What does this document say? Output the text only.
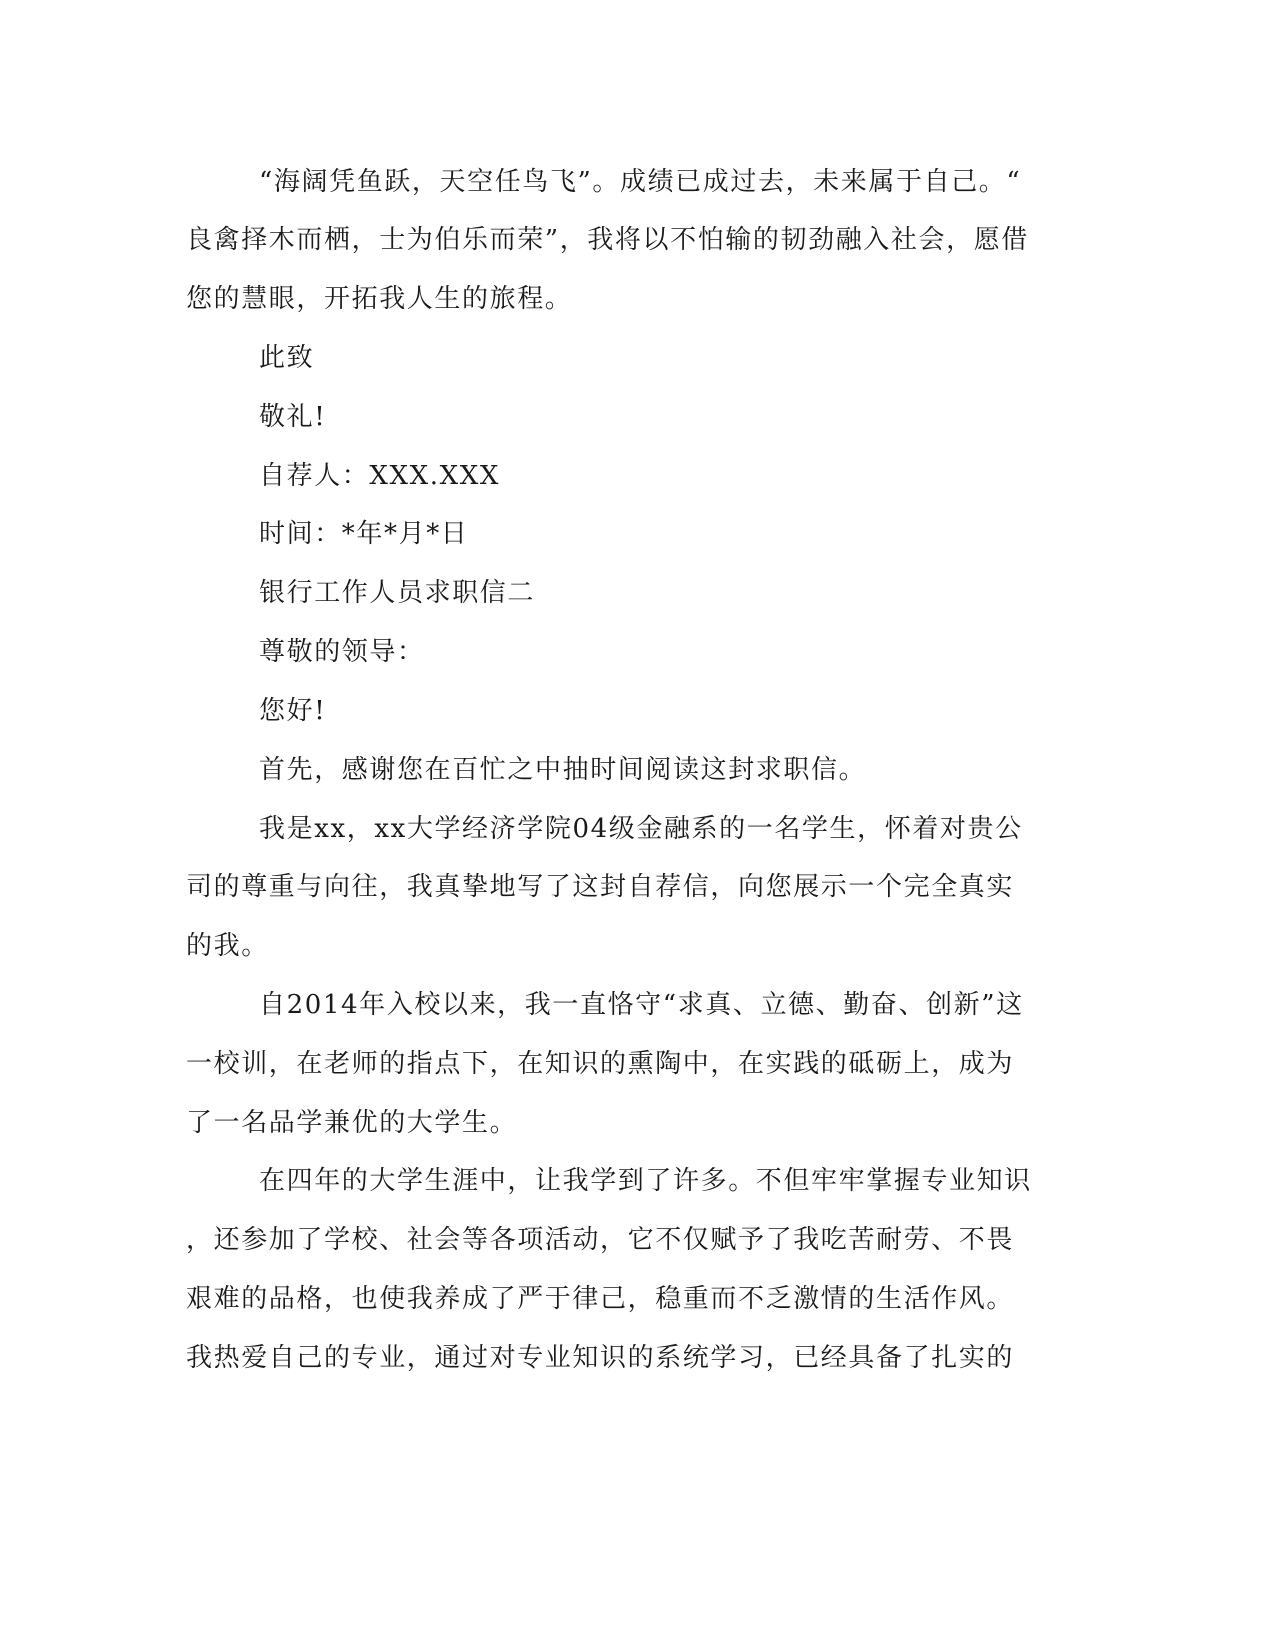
“海阔凭鱼跃，天空任鸟飞”。成绩已成过去，未来属于自己。“
良禽择木而栖，士为伯乐而荣”，我将以不怕输的韧劲融入社会，愿借
您的慧眼，开拓我人生的旅程。
此致
敬礼!
自荐人：XXX.XXX
时间：*年*月*日
银行工作人员求职信二
尊敬的领导：
您好!
首先，感谢您在百忙之中抽时间阅读这封求职信。
我是xx，xx大学经济学院04级金融系的一名学生，怀着对贵公
司的尊重与向往，我真挚地写了这封自荐信，向您展示一个完全真实
的我。
自2014年入校以来，我一直恪守“求真、立德、勤奋、创新”这
一校训，在老师的指点下，在知识的熏陶中，在实践的砥砺上，成为
了一名品学兼优的大学生。
在四年的大学生涯中，让我学到了许多。不但牢牢掌握专业知识
，还参加了学校、社会等各项活动，它不仅赋予了我吃苦耐劳、不畏
艰难的品格，也使我养成了严于律己，稳重而不乏激情的生活作风。
我热爱自己的专业，通过对专业知识的系统学习，已经具备了扎实的
